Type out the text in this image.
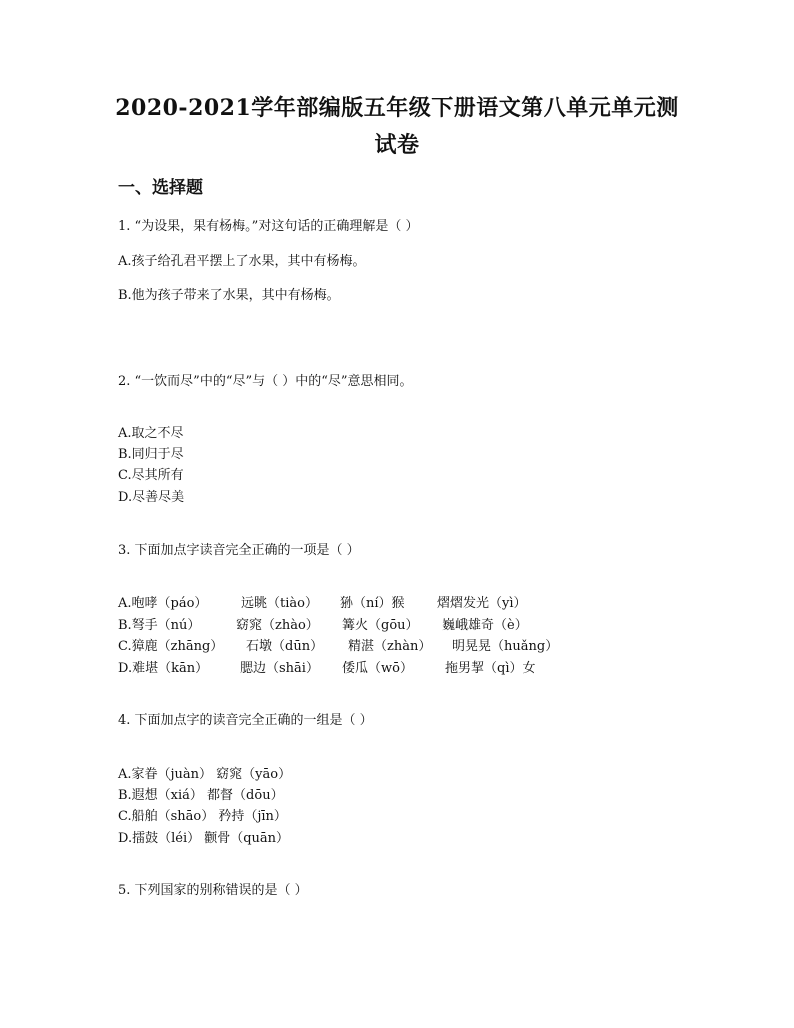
2020-2021学年部编版五年级下册语文第八单元单元测
试卷
一、选择题
1. “为设果，果有杨梅。”对这句话的正确理解是（ ）
A.孩子给孔君平摆上了水果，其中有杨梅。
B.他为孩子带来了水果，其中有杨梅。
2. “一饮而尽”中的“尽”与（ ）中的“尽”意思相同。
A.取之不尽
B.同归于尽
C.尽其所有
D.尽善尽美
3. 下面加点字读音完全正确的一项是（ ）
A.咆哮（páo）	远眺（tiào） 狲（ní）猴 熠熠发光（yì）
B.弩手（nú）	窈窕（zhào） 篝火（gōu） 巍峨雄奇（è）
C.獐鹿（zhāng） 石墩（dūn） 精湛（zhàn） 明晃晃（huǎng）
D.难堪（kān） 腮边（shāi） 倭瓜（wō） 拖男挈（qì）女
4. 下面加点字的读音完全正确的一组是（ ）
A.家眷（juàn） 窈窕（yāo）
B.遐想（xiá） 都督（dōu）
C.船舶（shāo） 矜持（jīn）
D.擂鼓（léi） 颧骨（quān）
5. 下列国家的别称错误的是（ ）
